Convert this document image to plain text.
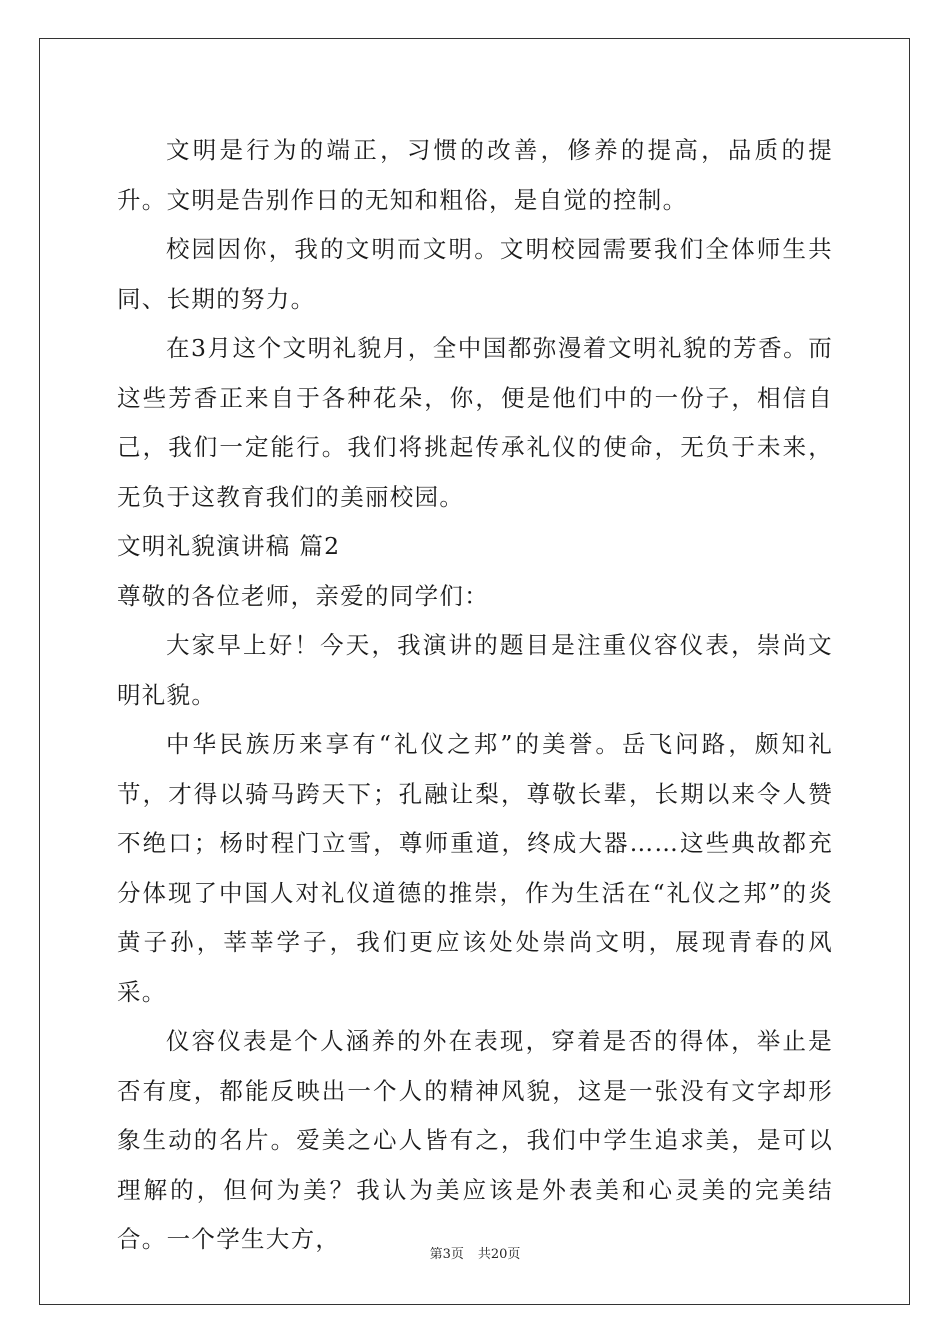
文明是行为的端正，习惯的改善，修养的提高，品质的提升。文明是告别作日的无知和粗俗，是自觉的控制。

校园因你，我的文明而文明。文明校园需要我们全体师生共同、长期的努力。

在3月这个文明礼貌月，全中国都弥漫着文明礼貌的芳香。而这些芳香正来自于各种花朵，你，便是他们中的一份子，相信自己，我们一定能行。我们将挑起传承礼仪的使命，无负于未来，无负于这教育我们的美丽校园。

文明礼貌演讲稿 篇2

尊敬的各位老师，亲爱的同学们：

大家早上好！今天，我演讲的题目是注重仪容仪表，崇尚文明礼貌。

中华民族历来享有“礼仪之邦”的美誉。岳飞问路，颇知礼节，才得以骑马跨天下；孔融让梨，尊敬长辈，长期以来令人赞不绝口；杨时程门立雪，尊师重道，终成大器……这些典故都充分体现了中国人对礼仪道德的推崇，作为生活在“礼仪之邦”的炎黄子孙，莘莘学子，我们更应该处处崇尚文明，展现青春的风采。

仪容仪表是个人涵养的外在表现，穿着是否的得体，举止是否有度，都能反映出一个人的精神风貌，这是一张没有文字却形象生动的名片。爱美之心人皆有之，我们中学生追求美，是可以理解的，但何为美？我认为美应该是外表美和心灵美的完美结合。一个学生大方，

第3页 共20页
